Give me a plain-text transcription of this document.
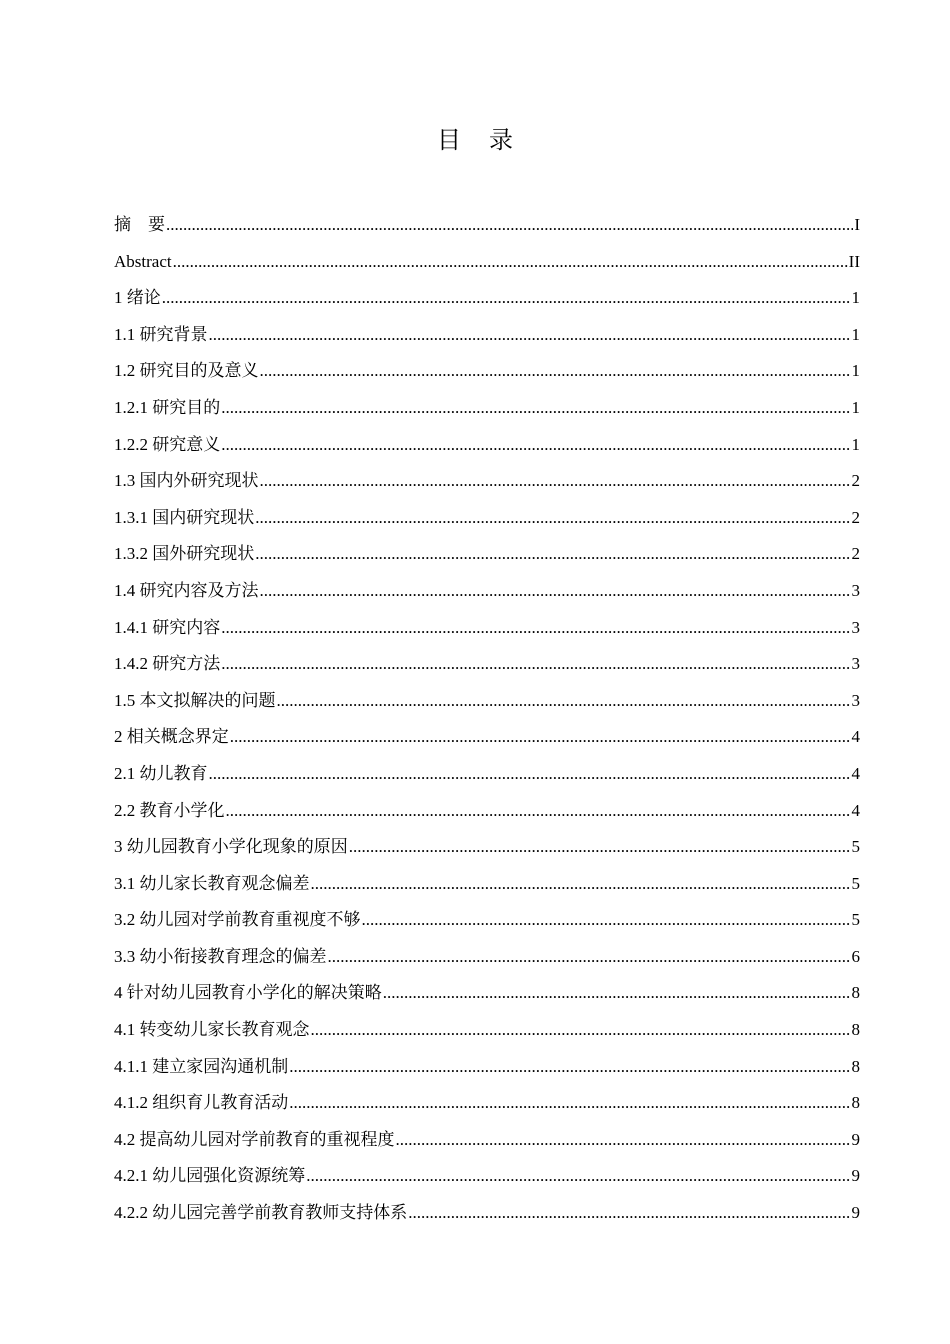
目 录
摘　要 .....	I
Abstract .....	II
1 绪论 .....	1
1.1 研究背景 .....	1
1.2 研究目的及意义 .....	1
1.2.1 研究目的 .....	1
1.2.2 研究意义 .....	1
1.3 国内外研究现状 .....	2
1.3.1 国内研究现状 .....	2
1.3.2 国外研究现状 .....	2
1.4 研究内容及方法 .....	3
1.4.1 研究内容 .....	3
1.4.2 研究方法 .....	3
1.5 本文拟解决的问题 .....	3
2 相关概念界定 .....	4
2.1 幼儿教育 .....	4
2.2 教育小学化 .....	4
3 幼儿园教育小学化现象的原因 .....	5
3.1 幼儿家长教育观念偏差 .....	5
3.2 幼儿园对学前教育重视度不够 .....	5
3.3 幼小衔接教育理念的偏差 .....	6
4 针对幼儿园教育小学化的解决策略 .....	8
4.1 转变幼儿家长教育观念 .....	8
4.1.1 建立家园沟通机制 .....	8
4.1.2 组织育儿教育活动 .....	8
4.2 提高幼儿园对学前教育的重视程度 .....	9
4.2.1 幼儿园强化资源统筹 .....	9
4.2.2 幼儿园完善学前教育教师支持体系 .....	9
